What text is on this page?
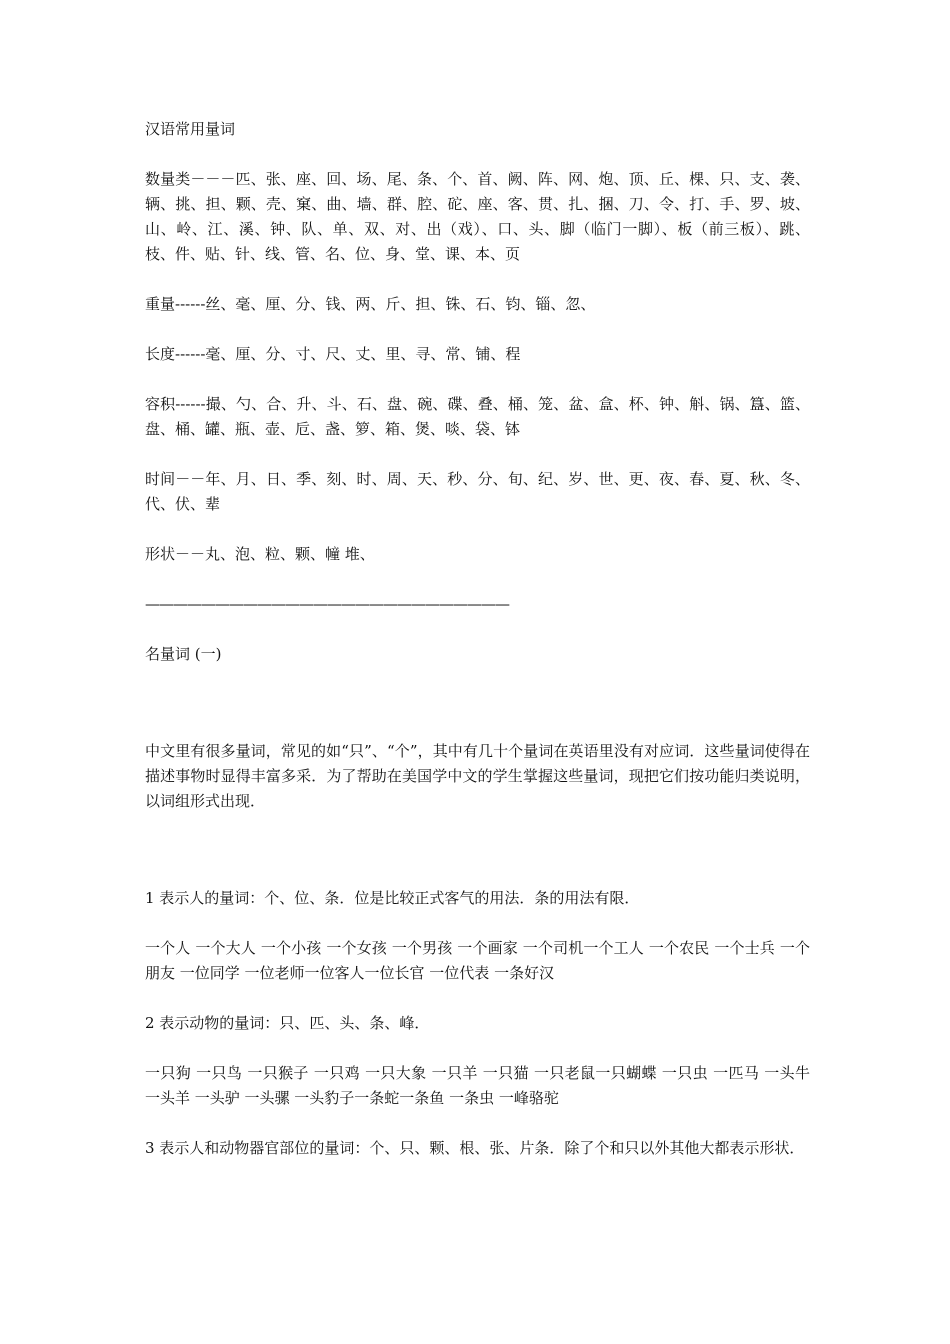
汉语常用量词

数量类－－－匹、张、座、回、场、尾、条、个、首、阙、阵、网、炮、顶、丘、棵、只、支、袭、辆、挑、担、颗、壳、窠、曲、墙、群、腔、砣、座、客、贯、扎、捆、刀、令、打、手、罗、坡、山、岭、江、溪、钟、队、单、双、对、出（戏）、口、头、脚（临门一脚）、板（前三板）、跳、枝、件、贴、针、线、管、名、位、身、堂、课、本、页

重量------丝、毫、厘、分、钱、两、斤、担、铢、石、钧、锱、忽、

长度------毫、厘、分、寸、尺、丈、里、寻、常、铺、程

容积------撮、勺、合、升、斗、石、盘、碗、碟、叠、桶、笼、盆、盒、杯、钟、斛、锅、簋、篮、盘、桶、罐、瓶、壶、卮、盏、箩、箱、煲、啖、袋、钵

时间－－年、月、日、季、刻、时、周、天、秒、分、旬、纪、岁、世、更、夜、春、夏、秋、冬、代、伏、辈

形状－－丸、泡、粒、颗、幢 堆、

——————————————————————————

名量词 (一)

中文里有很多量词，常见的如“只”、“个”，其中有几十个量词在英语里没有对应词．这些量词使得在描述事物时显得丰富多采．为了帮助在美国学中文的学生掌握这些量词，现把它们按功能归类说明，以词组形式出现．

1 表示人的量词：个、位、条．位是比较正式客气的用法．条的用法有限．

一个人 一个大人 一个小孩 一个女孩 一个男孩 一个画家 一个司机一个工人 一个农民 一个士兵 一个朋友 一位同学 一位老师一位客人一位长官 一位代表 一条好汉

2 表示动物的量词：只、匹、头、条、峰．

一只狗 一只鸟 一只猴子 一只鸡 一只大象 一只羊 一只猫 一只老鼠一只蝴蝶 一只虫 一匹马 一头牛 一头羊 一头驴 一头骡 一头豹子一条蛇一条鱼 一条虫 一峰骆驼

3 表示人和动物器官部位的量词：个、只、颗、根、张、片条．除了个和只以外其他大都表示形状．
